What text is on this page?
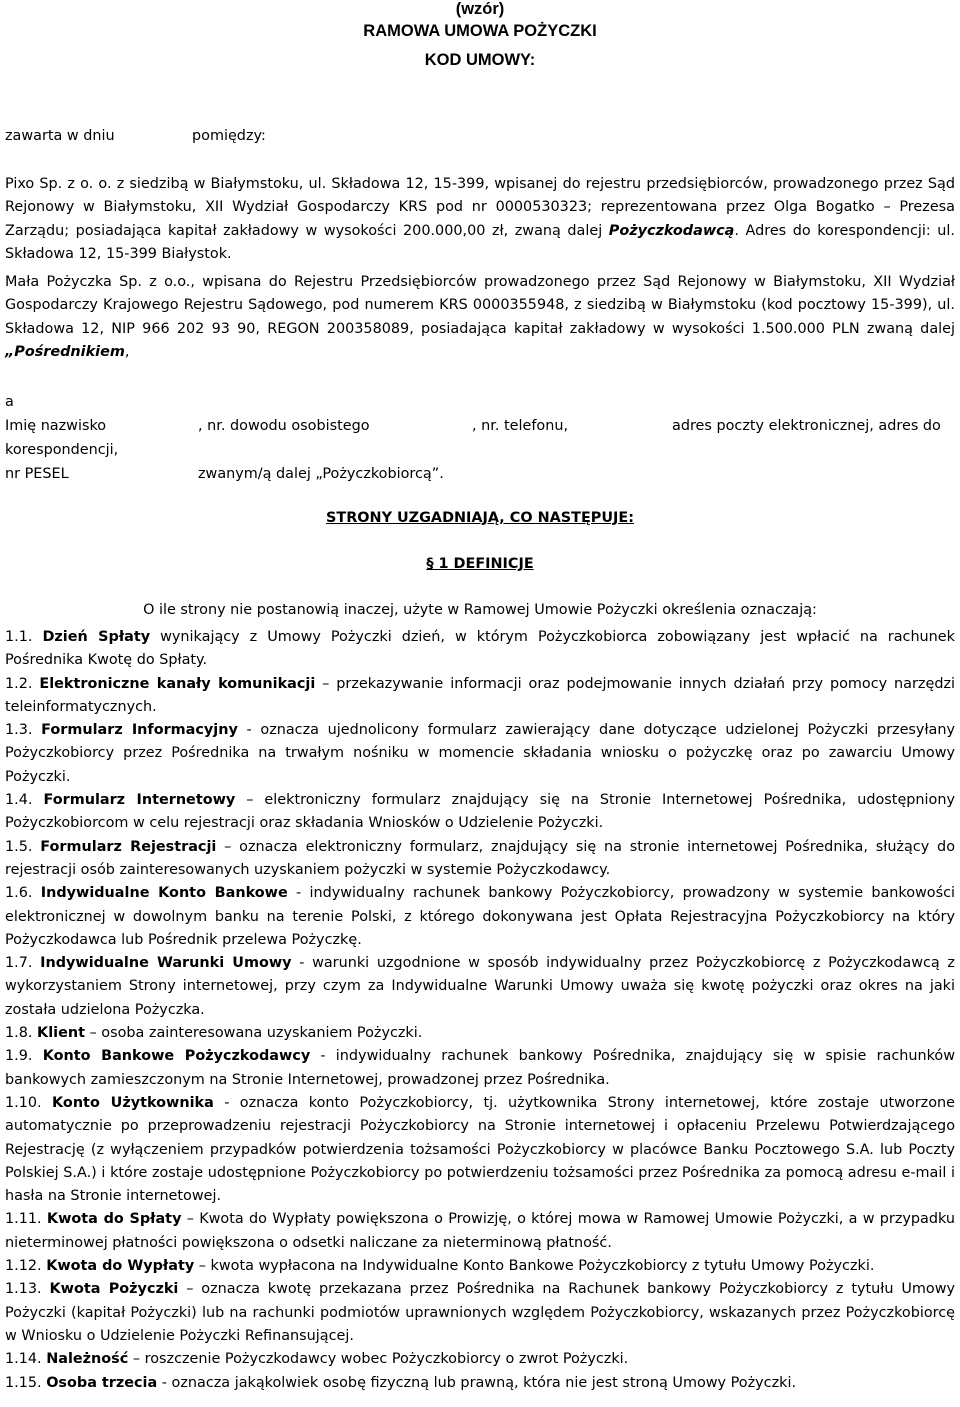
(wzór)
RAMOWA UMOWA POŻYCZKI
KOD UMOWY:
zawarta w dniu	pomiędzy:

Pixo Sp. z o. o. z siedzibą w Białymstoku, ul. Składowa 12, 15-399, wpisanej do rejestru przedsiębiorców, prowadzonego przez Sąd Rejonowy w Białymstoku, XII Wydział Gospodarczy KRS pod nr 0000530323; reprezentowana przez Olga Bogatko – Prezesa Zarządu; posiadająca kapitał zakładowy w wysokości 200.000,00 zł, zwaną dalej Pożyczkodawcą. Adres do korespondencji: ul. Składowa 12, 15-399 Białystok.

Mała Pożyczka Sp. z o.o., wpisana do Rejestru Przedsiębiorców prowadzonego przez Sąd Rejonowy w Białymstoku, XII Wydział Gospodarczy Krajowego Rejestru Sądowego, pod numerem KRS 0000355948, z siedzibą w Białymstoku (kod pocztowy 15-399), ul. Składowa 12, NIP 966 202 93 90, REGON 200358089, posiadająca kapitał zakładowy w wysokości 1.500.000 PLN zwaną dalej „Pośrednikiem,

a
Imię nazwisko	, nr. dowodu osobistego	, nr. telefonu,	adres poczty elektronicznej, adres do
korespondencji,
nr PESEL	zwanym/ą dalej „Pożyczkobiorcą”.
STRONY UZGADNIAJĄ, CO NASTĘPUJE:
§ 1 DEFINICJE
O ile strony nie postanowią inaczej, użyte w Ramowej Umowie Pożyczki określenia oznaczają:

1.1. Dzień Spłaty wynikający z Umowy Pożyczki dzień, w którym Pożyczkobiorca zobowiązany jest wpłacić na rachunek Pośrednika Kwotę do Spłaty.

1.2. Elektroniczne kanały komunikacji – przekazywanie informacji oraz podejmowanie innych działań przy pomocy narzędzi teleinformatycznych.

1.3. Formularz Informacyjny - oznacza ujednolicony formularz zawierający dane dotyczące udzielonej Pożyczki przesyłany Pożyczkobiorcy przez Pośrednika na trwałym nośniku w momencie składania wniosku o pożyczkę oraz po zawarciu Umowy Pożyczki.

1.4. Formularz Internetowy – elektroniczny formularz znajdujący się na Stronie Internetowej Pośrednika, udostępniony Pożyczkobiorcom w celu rejestracji oraz składania Wniosków o Udzielenie Pożyczki.

1.5. Formularz Rejestracji – oznacza elektroniczny formularz, znajdujący się na stronie internetowej Pośrednika, służący do rejestracji osób zainteresowanych uzyskaniem pożyczki w systemie Pożyczkodawcy.

1.6. Indywidualne Konto Bankowe - indywidualny rachunek bankowy Pożyczkobiorcy, prowadzony w systemie bankowości elektronicznej w dowolnym banku na terenie Polski, z którego dokonywana jest Opłata Rejestracyjna Pożyczkobiorcy na który Pożyczkodawca lub Pośrednik przelewa Pożyczkę.

1.7. Indywidualne Warunki Umowy - warunki uzgodnione w sposób indywidualny przez Pożyczkobiorcę z Pożyczkodawcą z wykorzystaniem Strony internetowej, przy czym za Indywidualne Warunki Umowy uważa się kwotę pożyczki oraz okres na jaki została udzielona Pożyczka.

1.8. Klient – osoba zainteresowana uzyskaniem Pożyczki.

1.9. Konto Bankowe Pożyczkodawcy - indywidualny rachunek bankowy Pośrednika, znajdujący się w spisie rachunków bankowych zamieszczonym na Stronie Internetowej, prowadzonej przez Pośrednika.

1.10. Konto Użytkownika - oznacza konto Pożyczkobiorcy, tj. użytkownika Strony internetowej, które zostaje utworzone automatycznie po przeprowadzeniu rejestracji Pożyczkobiorcy na Stronie internetowej i opłaceniu Przelewu Potwierdzającego Rejestrację (z wyłączeniem przypadków potwierdzenia tożsamości Pożyczkobiorcy w placówce Banku Pocztowego S.A. lub Poczty Polskiej S.A.) i które zostaje udostępnione Pożyczkobiorcy po potwierdzeniu tożsamości przez Pośrednika za pomocą adresu e-mail i hasła na Stronie internetowej.

1.11. Kwota do Spłaty – Kwota do Wypłaty powiększona o Prowizję, o której mowa w Ramowej Umowie Pożyczki, a w przypadku nieterminowej płatności powiększona o odsetki naliczane za nieterminową płatność.

1.12. Kwota do Wypłaty – kwota wypłacona na Indywidualne Konto Bankowe Pożyczkobiorcy z tytułu Umowy Pożyczki.

1.13. Kwota Pożyczki – oznacza kwotę przekazana przez Pośrednika na Rachunek bankowy Pożyczkobiorcy z tytułu Umowy Pożyczki (kapitał Pożyczki) lub na rachunki podmiotów uprawnionych względem Pożyczkobiorcy, wskazanych przez Pożyczkobiorcę w Wniosku o Udzielenie Pożyczki Refinansującej.

1.14. Należność – roszczenie Pożyczkodawcy wobec Pożyczkobiorcy o zwrot Pożyczki.

1.15. Osoba trzecia - oznacza jakąkolwiek osobę fizyczną lub prawną, która nie jest stroną Umowy Pożyczki.
